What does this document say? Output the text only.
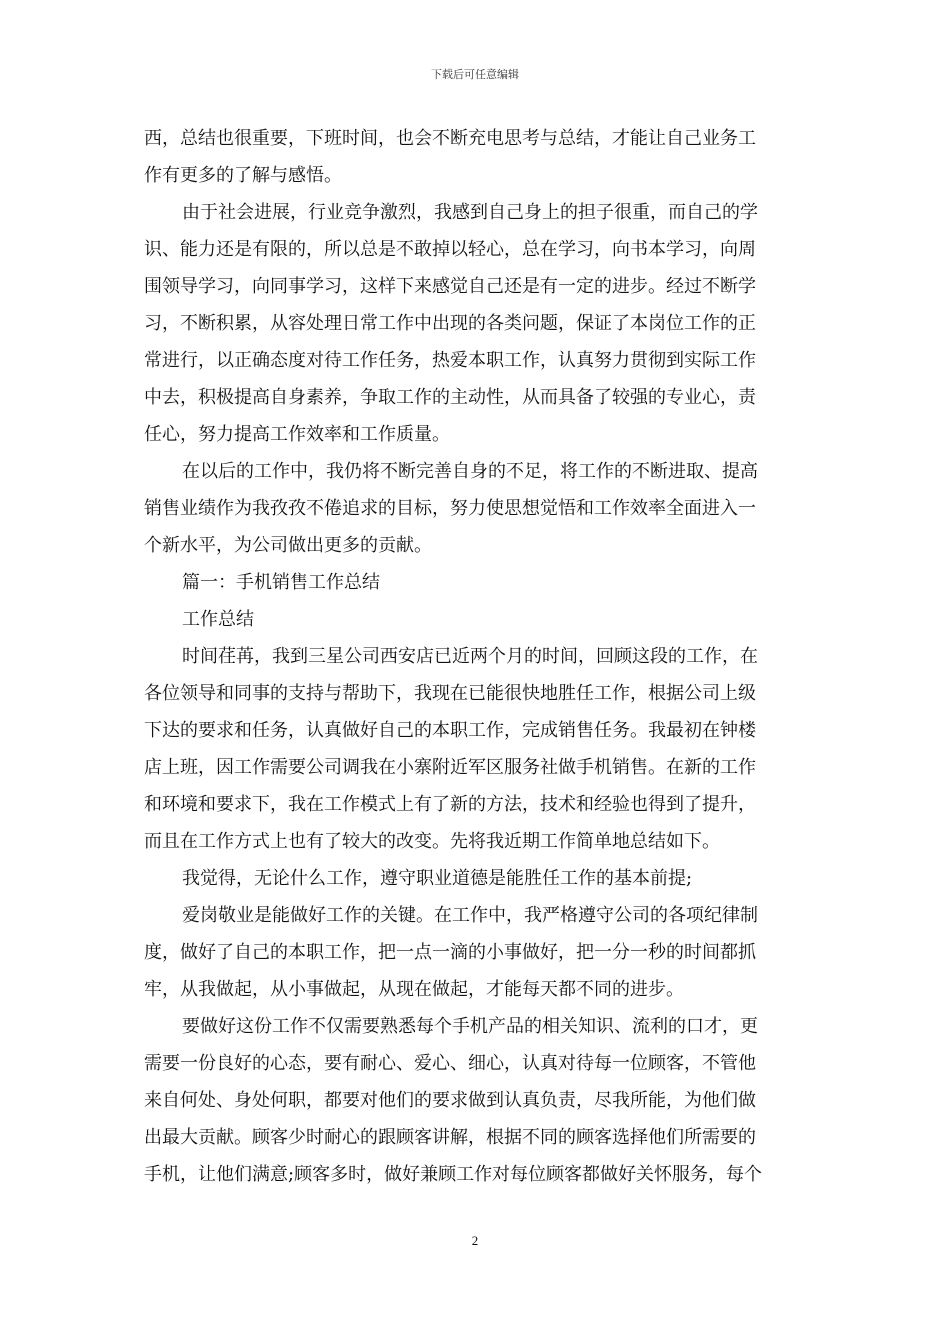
下载后可任意编辑
西，总结也很重要，下班时间，也会不断充电思考与总结，才能让自己业务工
作有更多的了解与感悟。
由于社会进展，行业竞争激烈，我感到自己身上的担子很重，而自己的学
识、能力还是有限的，所以总是不敢掉以轻心，总在学习，向书本学习，向周
围领导学习，向同事学习，这样下来感觉自己还是有一定的进步。经过不断学
习，不断积累，从容处理日常工作中出现的各类问题，保证了本岗位工作的正
常进行，以正确态度对待工作任务，热爱本职工作，认真努力贯彻到实际工作
中去，积极提高自身素养，争取工作的主动性，从而具备了较强的专业心，责
任心，努力提高工作效率和工作质量。
在以后的工作中，我仍将不断完善自身的不足，将工作的不断进取、提高
销售业绩作为我孜孜不倦追求的目标，努力使思想觉悟和工作效率全面进入一
个新水平，为公司做出更多的贡献。
篇一：手机销售工作总结
工作总结
时间荏苒，我到三星公司西安店已近两个月的时间，回顾这段的工作，在
各位领导和同事的支持与帮助下，我现在已能很快地胜任工作，根据公司上级
下达的要求和任务，认真做好自己的本职工作，完成销售任务。我最初在钟楼
店上班，因工作需要公司调我在小寨附近军区服务社做手机销售。在新的工作
和环境和要求下，我在工作模式上有了新的方法，技术和经验也得到了提升，
而且在工作方式上也有了较大的改变。先将我近期工作简单地总结如下。
我觉得，无论什么工作，遵守职业道德是能胜任工作的基本前提;
爱岗敬业是能做好工作的关键。在工作中，我严格遵守公司的各项纪律制
度，做好了自己的本职工作，把一点一滴的小事做好，把一分一秒的时间都抓
牢，从我做起，从小事做起，从现在做起，才能每天都不同的进步。
要做好这份工作不仅需要熟悉每个手机产品的相关知识、流利的口才，更
需要一份良好的心态，要有耐心、爱心、细心，认真对待每一位顾客，不管他
来自何处、身处何职，都要对他们的要求做到认真负责，尽我所能，为他们做
出最大贡献。顾客少时耐心的跟顾客讲解，根据不同的顾客选择他们所需要的
手机，让他们满意;顾客多时，做好兼顾工作对每位顾客都做好关怀服务，每个
2
